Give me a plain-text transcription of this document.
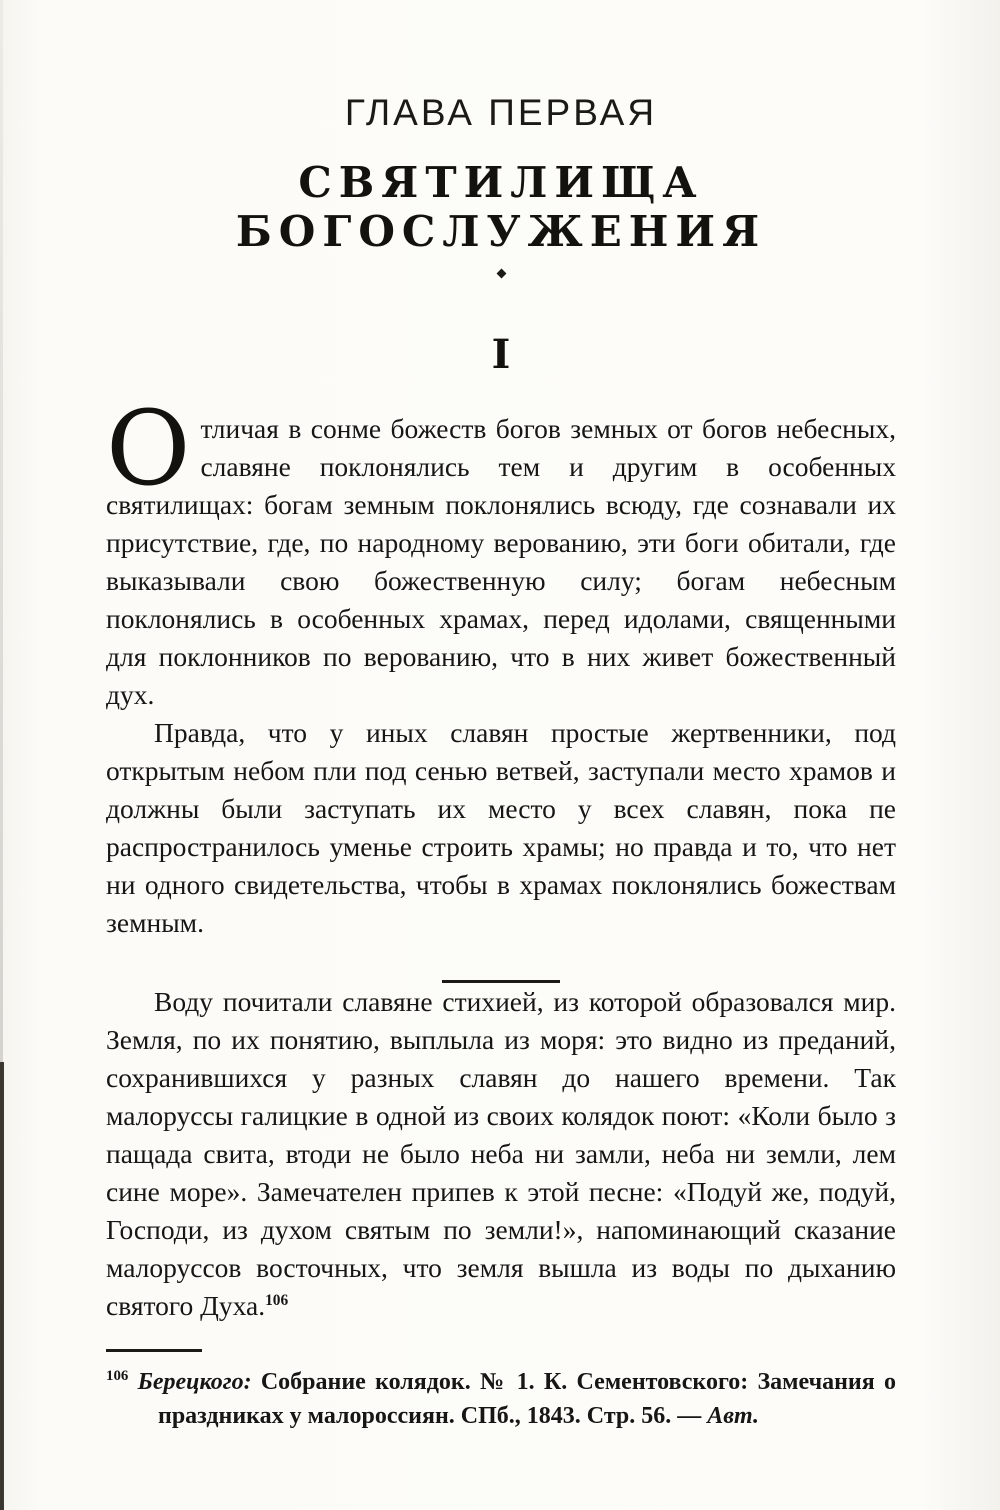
ГЛАВА ПЕРВАЯ
СВЯТИЛИЩА БОГОСЛУЖЕНИЯ
I

Отличая в сонме божеств богов земных от богов небесных, славяне поклонялись тем и другим в особенных святилищах: богам земным поклонялись всюду, где сознавали их присутствие, где, по народному верованию, эти боги обитали, где выказывали свою божественную силу; богам небесным поклонялись в особенных храмах, перед идолами, священными для поклонников по верованию, что в них живет божественный дух.

Правда, что у иных славян простые жертвенники, под открытым небом пли под сенью ветвей, заступали место храмов и должны были заступать их место у всех славян, пока пе распространилось уменье строить храмы; но правда и то, что нет ни одного свидетельства, чтобы в храмах поклонялись божествам земным.

Воду почитали славяне стихией, из которой образовался мир. Земля, по их понятию, выплыла из моря: это видно из преданий, сохранившихся у разных славян до нашего времени. Так малоруссы галицкие в одной из своих колядок поют: «Коли было з пащада свита, втоди не было неба ни замли, неба ни земли, лем сине море». Замечателен припев к этой песне: «Подуй же, подуй, Господи, из духом святым по земли!», напоминающий сказание малоруссов восточных, что земля вышла из воды по дыханию святого Духа.$^{106}$

$^{106}$ Берецкого: Собрание колядок. № 1. К. Сементовского: Замечания о праздниках у малороссиян. СПб., 1843. Стр. 56. — Авт.
